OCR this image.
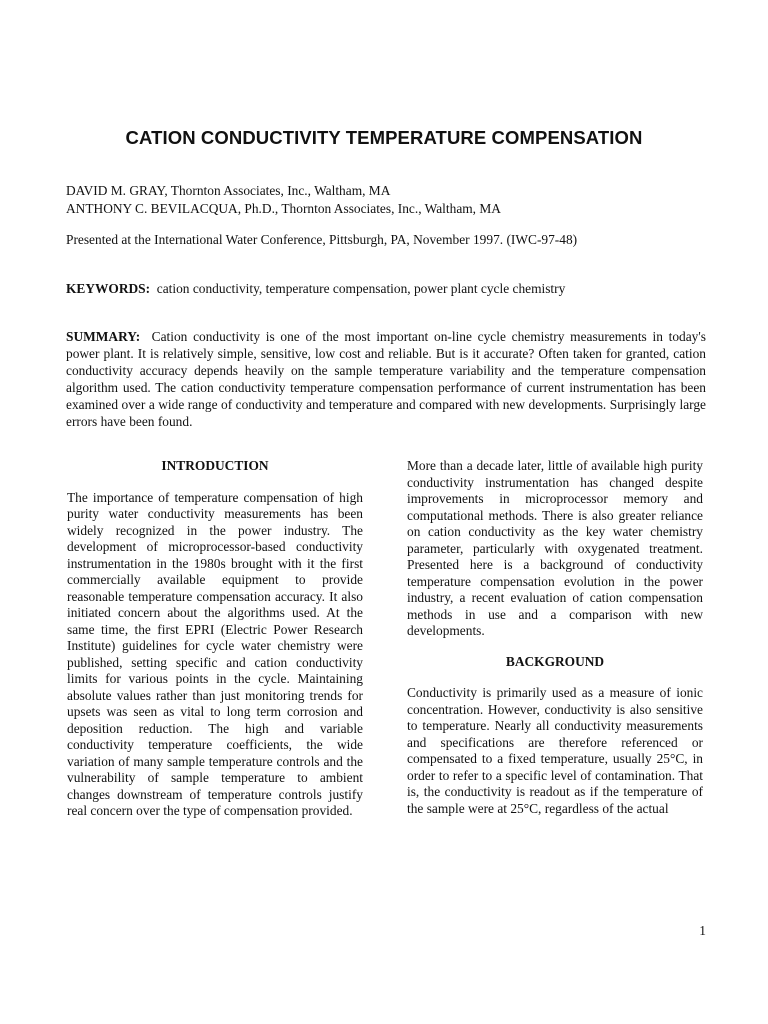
CATION CONDUCTIVITY TEMPERATURE COMPENSATION
DAVID M. GRAY, Thornton Associates, Inc., Waltham, MA
ANTHONY C. BEVILACQUA, Ph.D., Thornton Associates, Inc., Waltham, MA
Presented at the International Water Conference, Pittsburgh, PA, November 1997. (IWC-97-48)
KEYWORDS: cation conductivity, temperature compensation, power plant cycle chemistry

SUMMARY: Cation conductivity is one of the most important on-line cycle chemistry measurements in today's power plant. It is relatively simple, sensitive, low cost and reliable. But is it accurate? Often taken for granted, cation conductivity accuracy depends heavily on the sample temperature variability and the temperature compensation algorithm used. The cation conductivity temperature compensation performance of current instrumentation has been examined over a wide range of conductivity and temperature and compared with new developments. Surprisingly large errors have been found.

INTRODUCTION

The importance of temperature compensation of high purity water conductivity measurements has been widely recognized in the power industry. The development of microprocessor-based conductivity instrumentation in the 1980s brought with it the first commercially available equipment to provide reasonable temperature compensation accuracy. It also initiated concern about the algorithms used. At the same time, the first EPRI (Electric Power Research Institute) guidelines for cycle water chemistry were published, setting specific and cation conductivity limits for various points in the cycle. Maintaining absolute values rather than just monitoring trends for upsets was seen as vital to long term corrosion and deposition reduction. The high and variable conductivity temperature coefficients, the wide variation of many sample temperature controls and the vulnerability of sample temperature to ambient changes downstream of temperature controls justify real concern over the type of compensation provided.

More than a decade later, little of available high purity conductivity instrumentation has changed despite improvements in microprocessor memory and computational methods. There is also greater reliance on cation conductivity as the key water chemistry parameter, particularly with oxygenated treatment. Presented here is a background of conductivity temperature compensation evolution in the power industry, a recent evaluation of cation compensation methods in use and a comparison with new developments.

BACKGROUND

Conductivity is primarily used as a measure of ionic concentration. However, conductivity is also sensitive to temperature. Nearly all conductivity measurements and specifications are therefore referenced or compensated to a fixed temperature, usually 25°C, in order to refer to a specific level of contamination. That is, the conductivity is readout as if the temperature of the sample were at 25°C, regardless of the actual

1
